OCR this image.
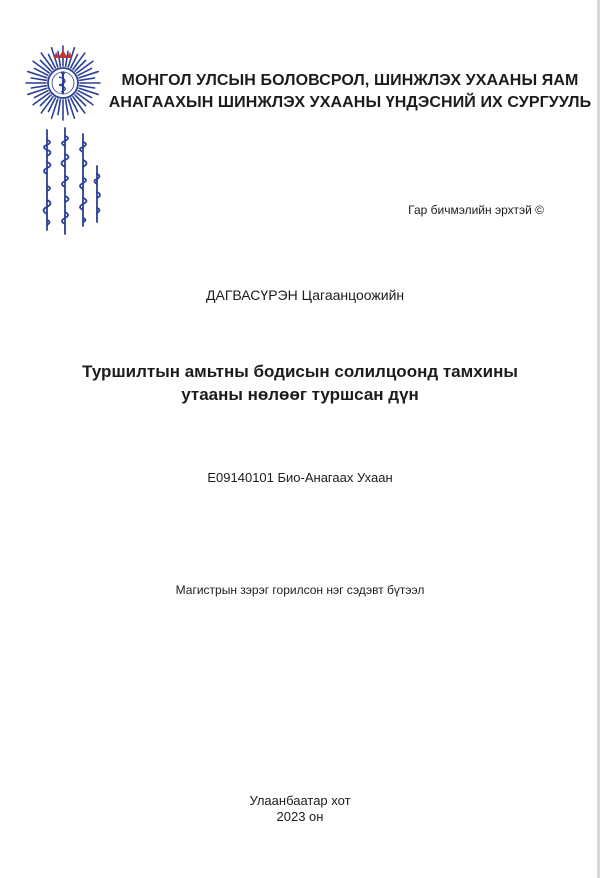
МОНГОЛ УЛСЫН БОЛОВСРОЛ, ШИНЖЛЭХ УХААНЫ ЯАМ
АНАГААХЫН ШИНЖЛЭХ УХААНЫ ҮНДЭСНИЙ ИХ СУРГУУЛЬ
Гар бичмэлийн эрхтэй ©
ДАГВАСҮРЭН Цагаанцоожийн
Туршилтын амьтны бодисын солилцоонд тамхины
утааны нөлөөг туршсан дүн
E09140101 Био-Анагаах Ухаан
Магистрын зэрэг горилсон нэг сэдэвт бүтээл
Улаанбаатар хот
2023 он
